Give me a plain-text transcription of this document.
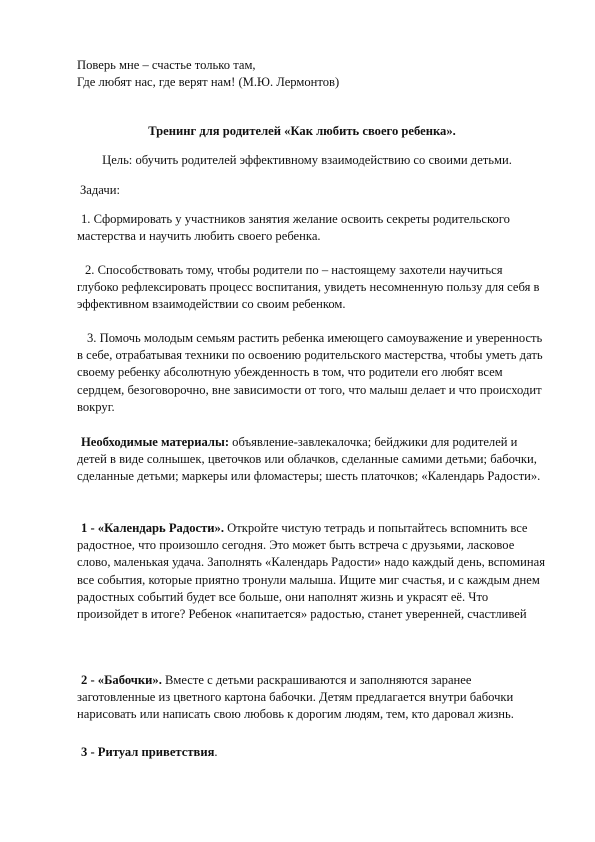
Поверь мне – счастье только там,

Где любят нас, где верят нам! (М.Ю. Лермонтов)

Тренинг для родителей «Как любить своего ребенка».
Цель: обучить родителей эффективному взаимодействию со своими детьми.
Задачи:

1. Сформировать у участников занятия желание освоить секреты родительского мастерства и научить любить своего ребенка.

2. Способствовать тому, чтобы родители по – настоящему захотели научиться глубоко рефлексировать процесс воспитания, увидеть несомненную пользу для себя в эффективном взаимодействии со своим ребенком.

3. Помочь молодым семьям растить ребенка имеющего самоуважение и уверенность в себе, отрабатывая техники по освоению родительского мастерства, чтобы уметь дать своему ребенку абсолютную убежденность в том, что родители его любят всем сердцем, безоговорочно, вне зависимости от того, что малыш делает и что происходит вокруг.

Необходимые материалы: объявление-завлекалочка; бейджики для родителей и детей в виде солнышек, цветочков или облачков, сделанные самими детьми; бабочки, сделанные детьми; маркеры или фломастеры; шесть платочков; «Календарь Радости».

1 - «Календарь Радости». Откройте чистую тетрадь и попытайтесь вспомнить все радостное, что произошло сегодня. Это может быть встреча с друзьями, ласковое слово, маленькая удача. Заполнять «Календарь Радости» надо каждый день, вспоминая все события, которые приятно тронули малыша. Ищите миг счастья, и с каждым днем радостных событий будет все больше, они наполнят жизнь и украсят её. Что произойдет в итоге? Ребенок «напитается» радостью, станет уверенней, счастливей

2 - «Бабочки». Вместе с детьми раскрашиваются и заполняются заранее заготовленные из цветного картона бабочки. Детям предлагается внутри бабочки нарисовать или написать свою любовь к дорогим людям, тем, кто даровал жизнь.

3 - Ритуал приветствия.
